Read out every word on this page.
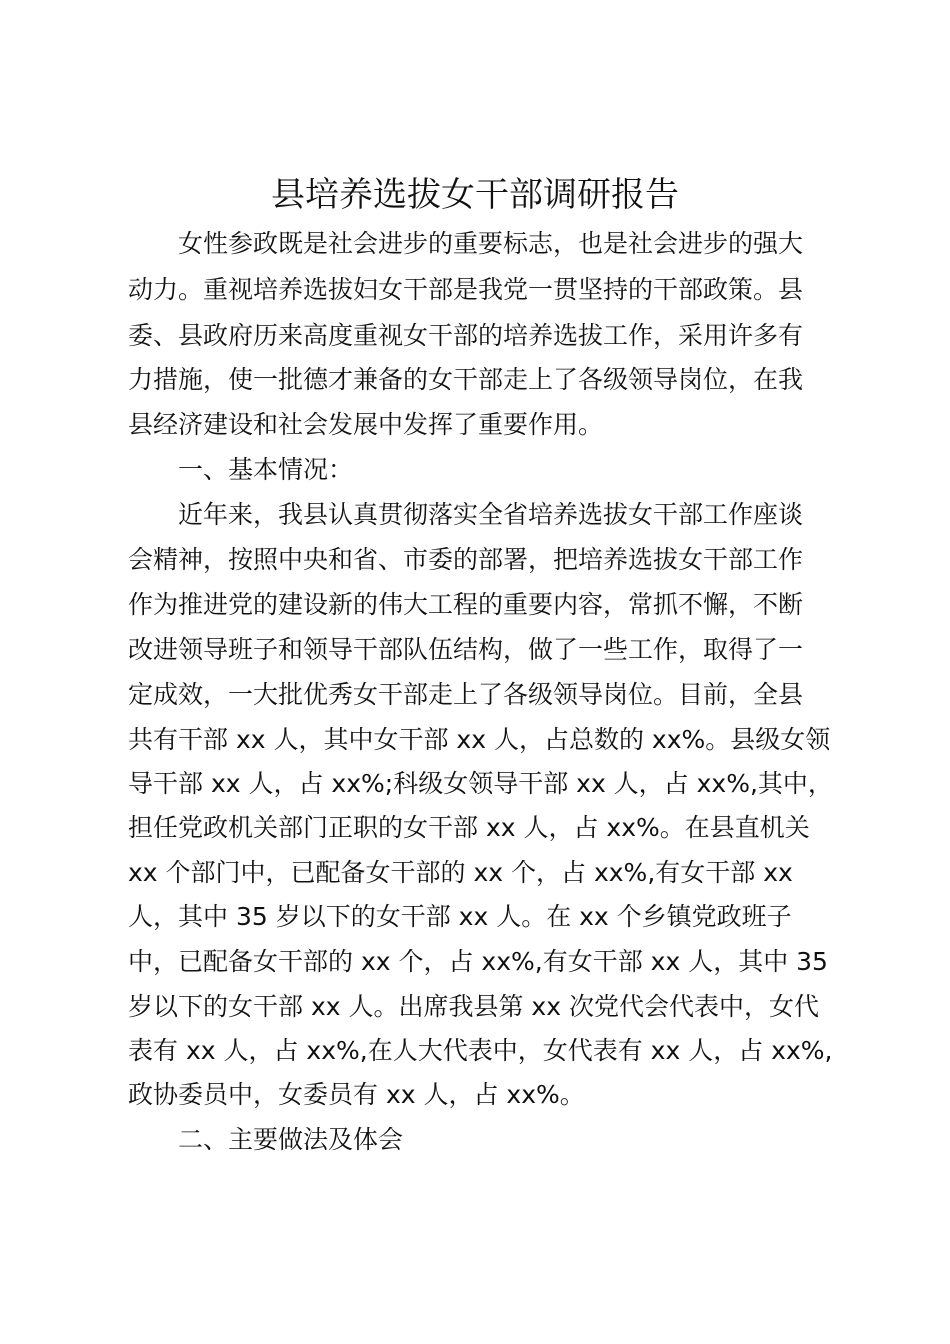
县培养选拔女干部调研报告
女性参政既是社会进步的重要标志，也是社会进步的强大
动力。重视培养选拔妇女干部是我党一贯坚持的干部政策。县
委、县政府历来高度重视女干部的培养选拔工作，采用许多有
力措施，使一批德才兼备的女干部走上了各级领导岗位，在我
县经济建设和社会发展中发挥了重要作用。
一、基本情况：
近年来，我县认真贯彻落实全省培养选拔女干部工作座谈
会精神，按照中央和省、市委的部署，把培养选拔女干部工作
作为推进党的建设新的伟大工程的重要内容，常抓不懈，不断
改进领导班子和领导干部队伍结构，做了一些工作，取得了一
定成效，一大批优秀女干部走上了各级领导岗位。目前，全县
共有干部 xx 人，其中女干部 xx 人，占总数的 xx%。县级女领
导干部 xx 人，占 xx%;科级女领导干部 xx 人，占 xx%,其中，
担任党政机关部门正职的女干部 xx 人，占 xx%。在县直机关
xx 个部门中，已配备女干部的 xx 个，占 xx%,有女干部 xx
人，其中 35 岁以下的女干部 xx 人。在 xx 个乡镇党政班子
中，已配备女干部的 xx 个，占 xx%,有女干部 xx 人，其中 35
岁以下的女干部 xx 人。出席我县第 xx 次党代会代表中，女代
表有 xx 人，占 xx%,在人大代表中，女代表有 xx 人，占 xx%,
政协委员中，女委员有 xx 人，占 xx%。
二、主要做法及体会
